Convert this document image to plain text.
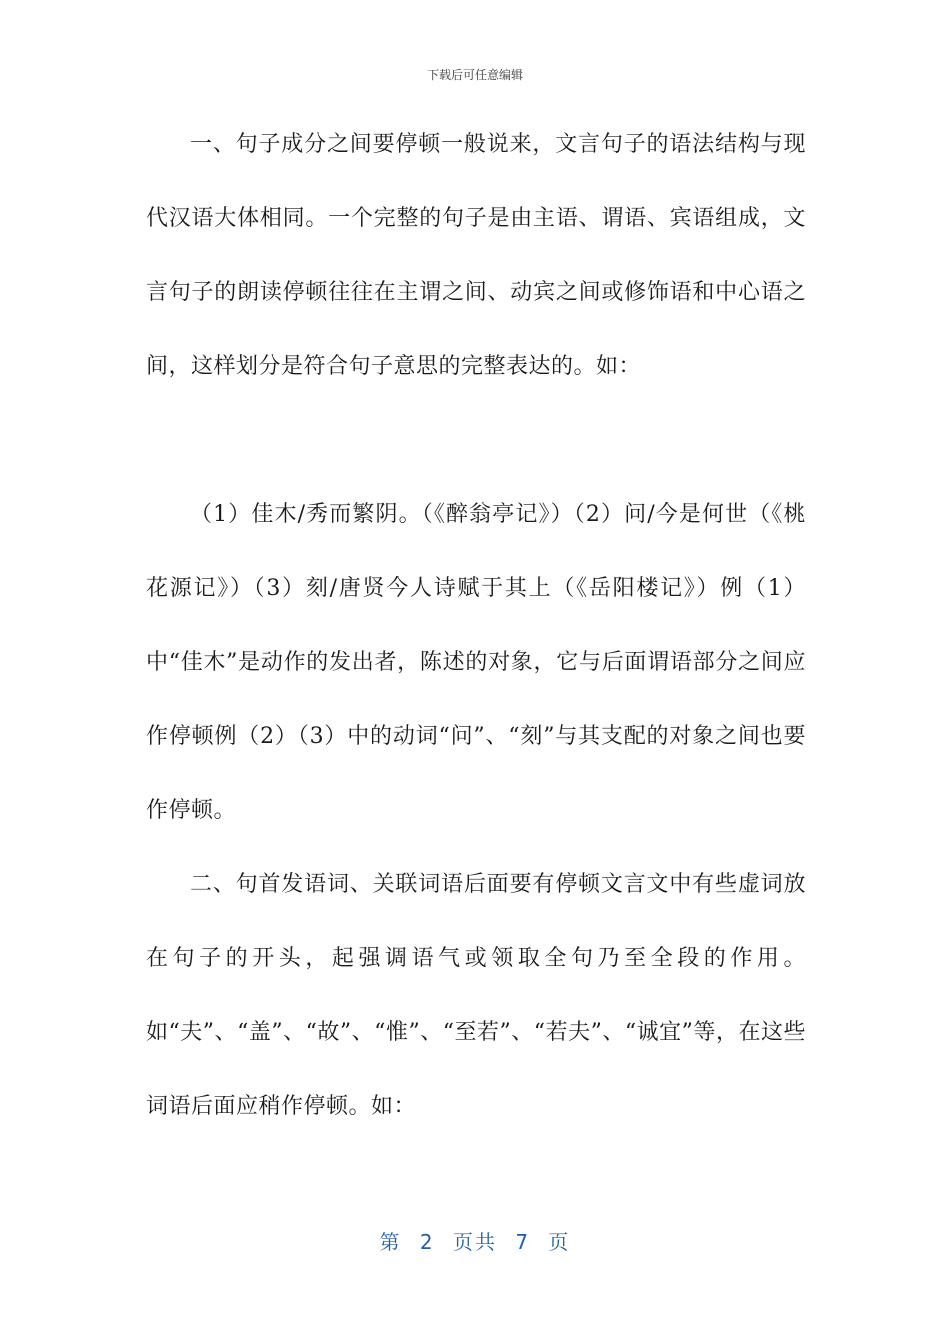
下载后可任意编辑

一、句子成分之间要停顿一般说来，文言句子的语法结构与现代汉语大体相同。一个完整的句子是由主语、谓语、宾语组成，文言句子的朗读停顿往往在主谓之间、动宾之间或修饰语和中心语之间，这样划分是符合句子意思的完整表达的。如：

（1）佳木/秀而繁阴。（《醉翁亭记》）（2）问/今是何世（《桃花源记》）（3）刻/唐贤今人诗赋于其上（《岳阳楼记》）例（1）中“佳木”是动作的发出者，陈述的对象，它与后面谓语部分之间应作停顿例（2）（3）中的动词“问”、“刻”与其支配的对象之间也要作停顿。

二、句首发语词、关联词语后面要有停顿文言文中有些虚词放在句子的开头，起强调语气或领取全句乃至全段的作用。如“夫”、“盖”、“故”、“惟”、“至若”、“若夫”、“诚宜”等，在这些词语后面应稍作停顿。如：

第 2 页共 7 页
